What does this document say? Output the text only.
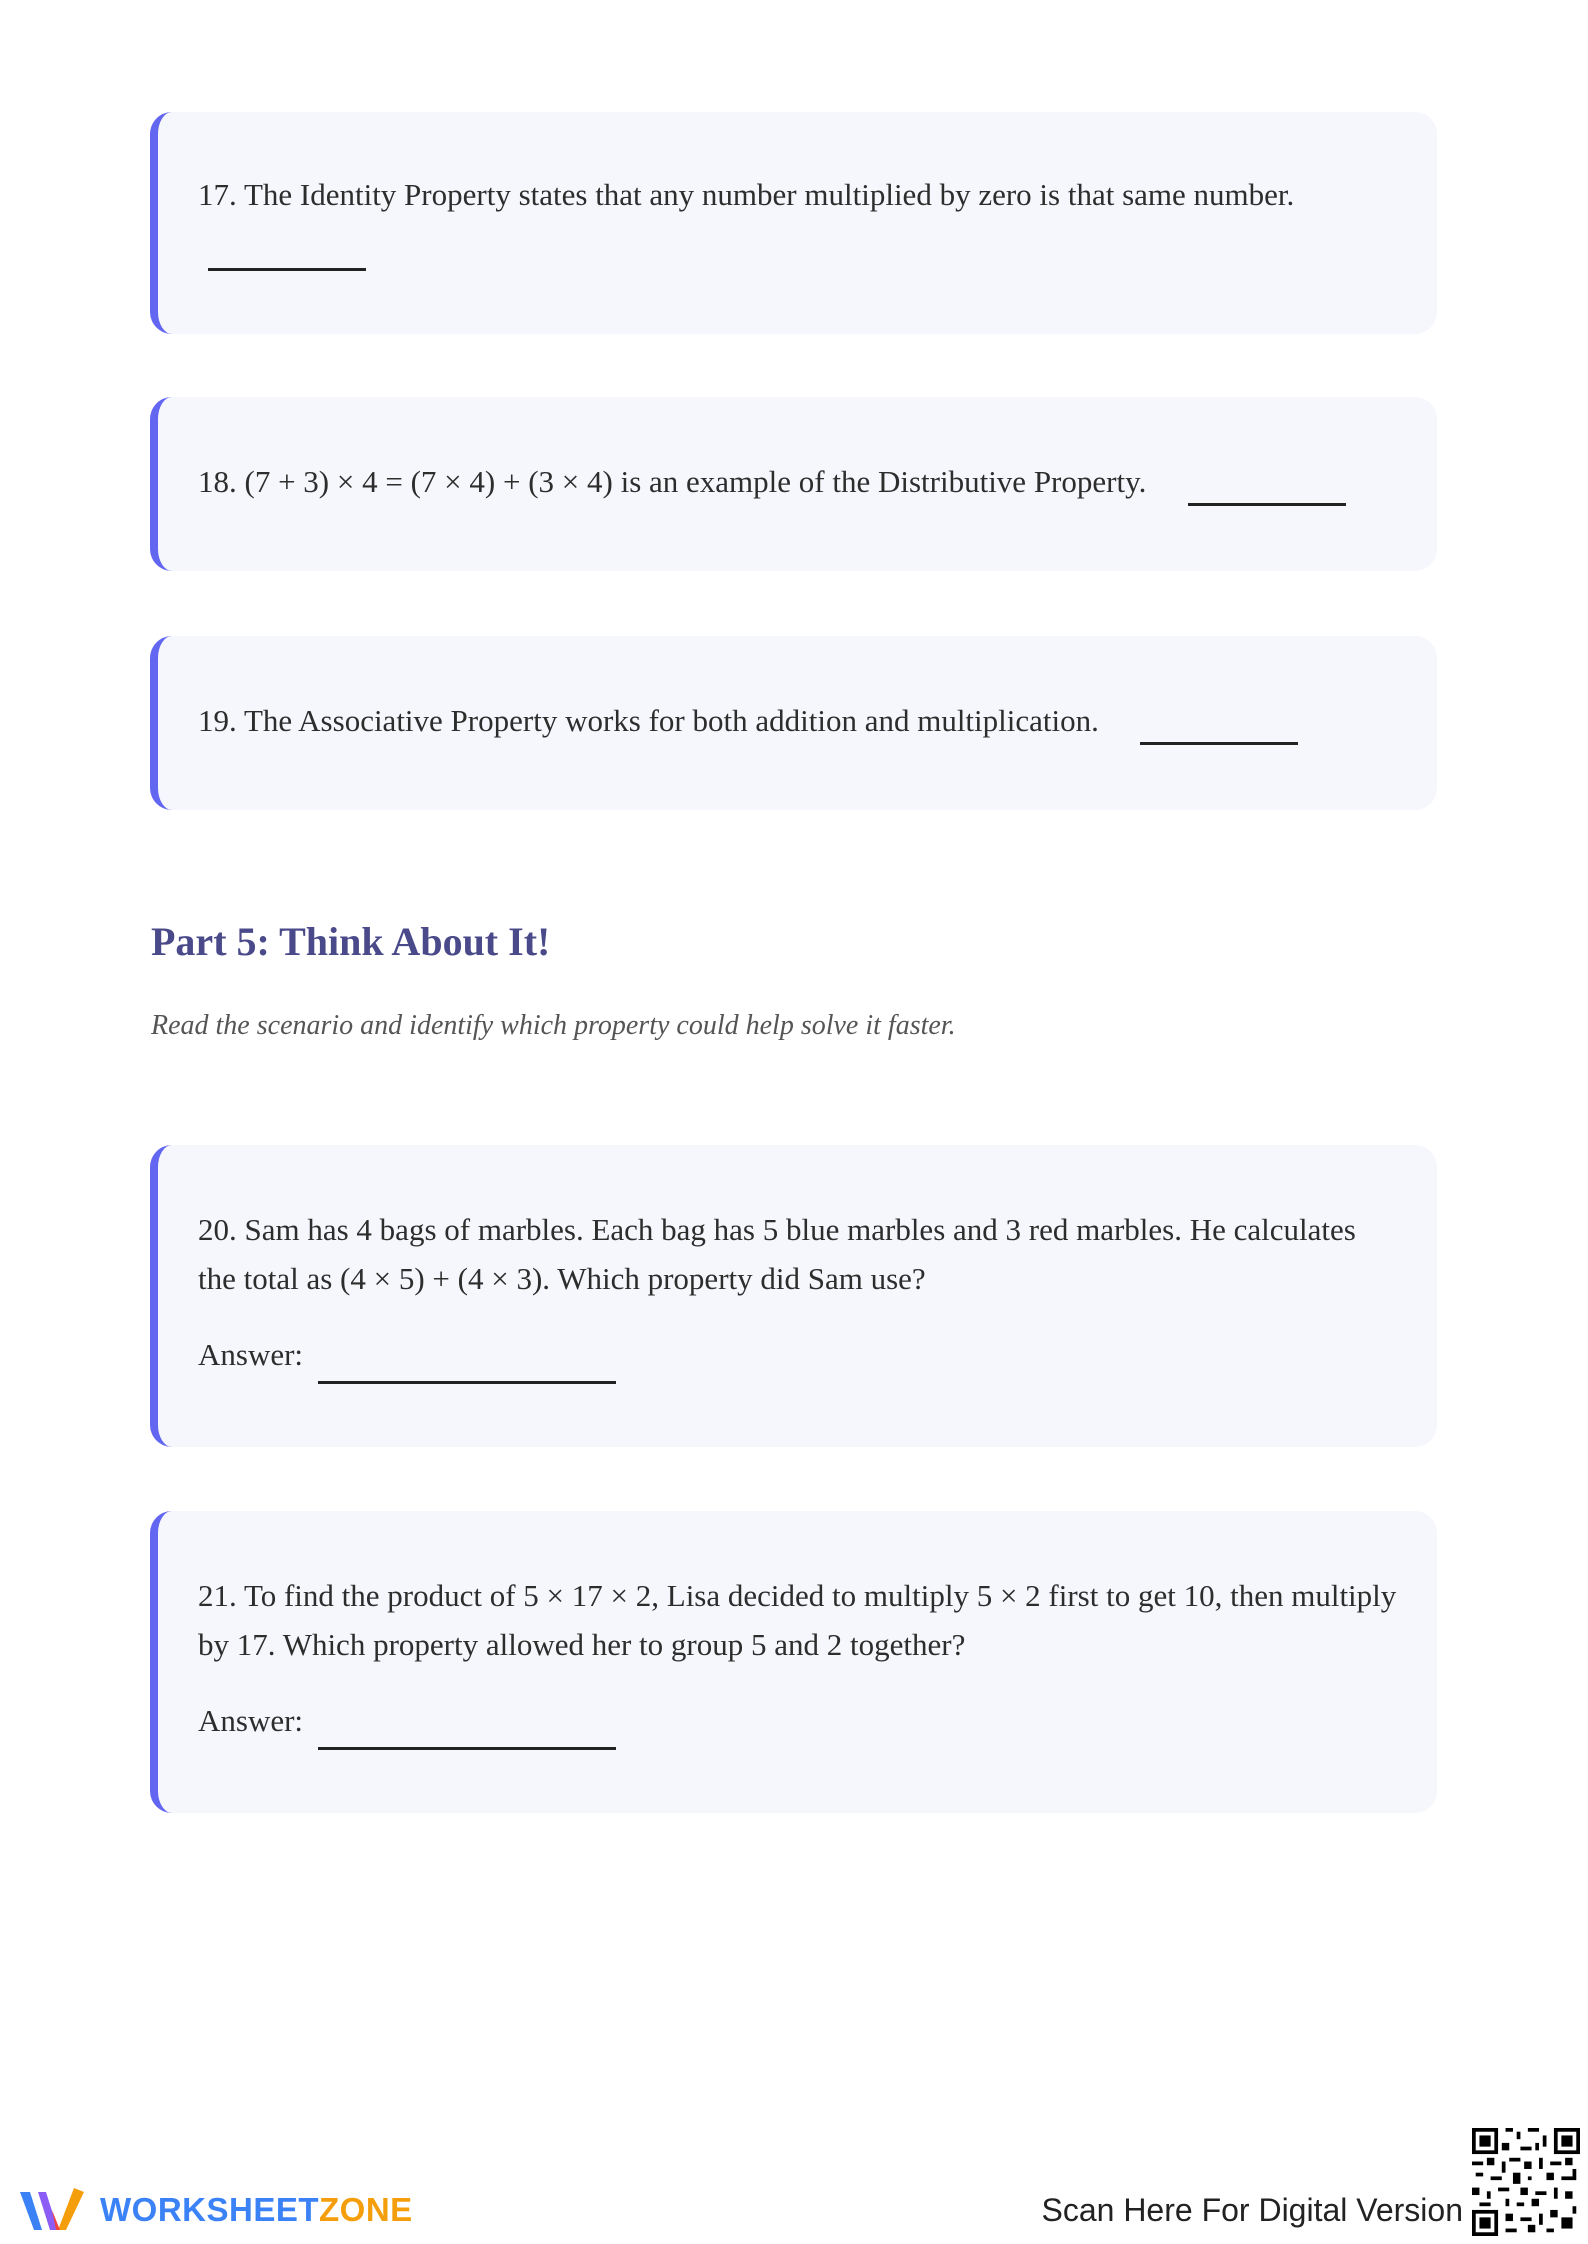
17. The Identity Property states that any number multiplied by zero is that same number.
18. (7 + 3) × 4 = (7 × 4) + (3 × 4) is an example of the Distributive Property.
19. The Associative Property works for both addition and multiplication.
Part 5: Think About It!
Read the scenario and identify which property could help solve it faster.
20. Sam has 4 bags of marbles. Each bag has 5 blue marbles and 3 red marbles. He calculates the total as (4 × 5) + (4 × 3). Which property did Sam use?
Answer:
21. To find the product of 5 × 17 × 2, Lisa decided to multiply 5 × 2 first to get 10, then multiply by 17. Which property allowed her to group 5 and 2 together?
Answer:
WORKSHEETZONE	Scan Here For Digital Version
